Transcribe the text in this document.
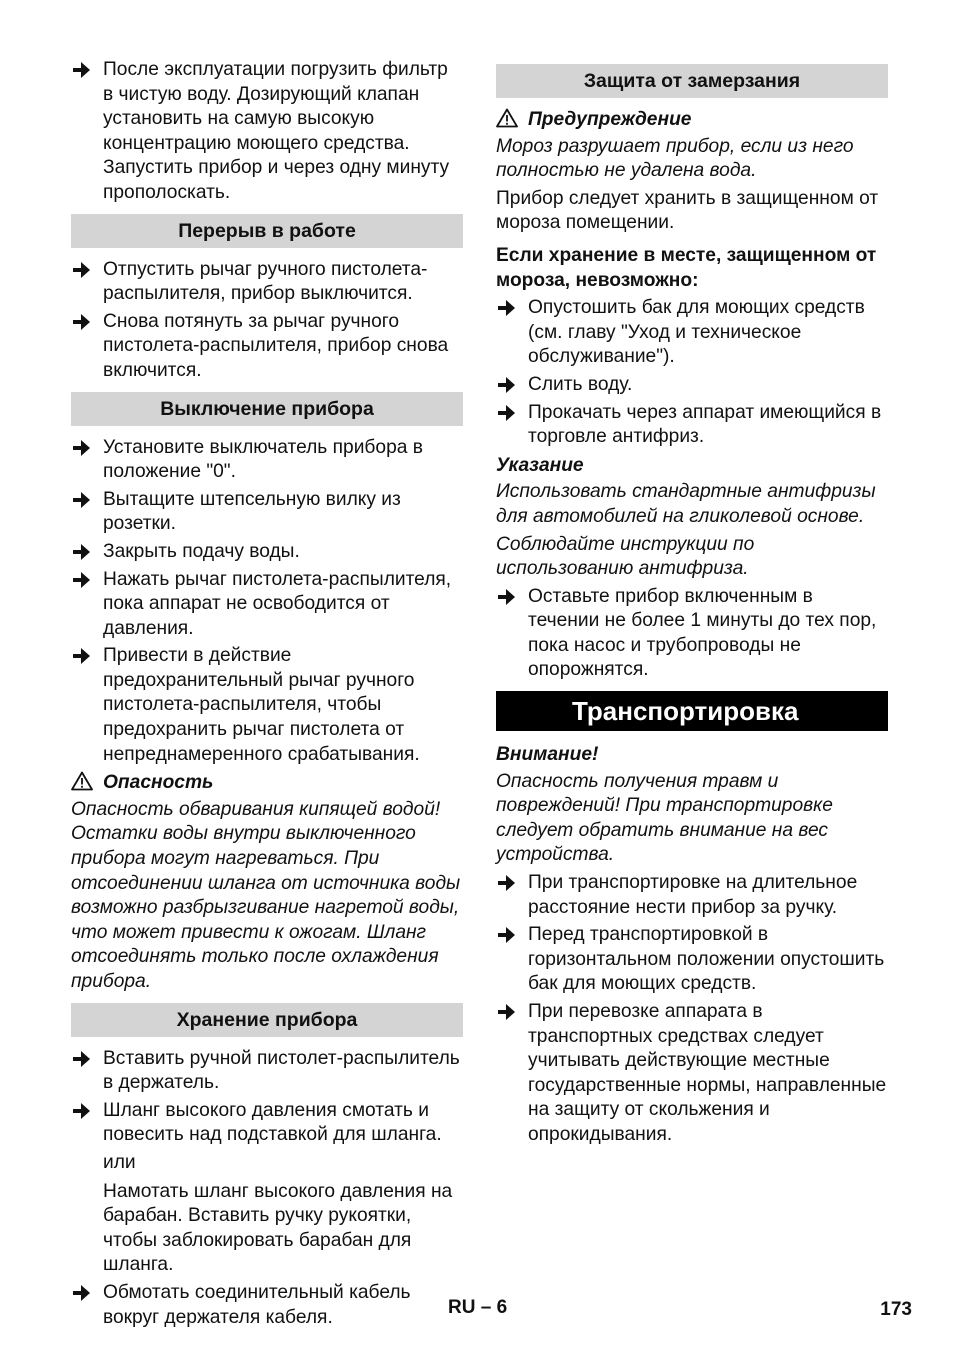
После эксплуатации погрузить фильтр в чистую воду. Дозирующий клапан установить на самую высокую концентрацию моющего средства. Запустить прибор и через одну минуту прополоскать.
Перерыв в работе
Отпустить рычаг ручного пистолета-распылителя, прибор выключится.
Снова потянуть за рычаг ручного пистолета-распылителя, прибор снова включится.
Выключение прибора
Установите выключатель прибора в положение "0".
Вытащите штепсельную вилку из розетки.
Закрыть подачу воды.
Нажать рычаг пистолета-распылителя, пока аппарат не освободится от давления.
Привести в действие предохранительный рычаг ручного пистолета-распылителя, чтобы предохранить рычаг пистолета от непреднамеренного срабатывания.
Опасность
Опасность обваривания кипящей водой! Остатки воды внутри выключенного прибора могут нагреваться. При отсоединении шланга от источника воды возможно разбрызгивание нагретой воды, что может привести к ожогам. Шланг отсоединять только после охлаждения прибора.
Хранение прибора
Вставить ручной пистолет-распылитель в держатель.
Шланг высокого давления смотать и повесить над подставкой для шланга.
или
Намотать шланг высокого давления на барабан. Вставить ручку рукоятки, чтобы заблокировать барабан для шланга.
Обмотать соединительный кабель вокруг держателя кабеля.
Защита от замерзания
Предупреждение
Мороз разрушает прибор, если из него полностью не удалена вода.
Прибор следует хранить в защищенном от мороза помещении.
Если хранение в месте, защищенном от мороза, невозможно:
Опустошить бак для моющих средств (см. главу "Уход и техническое обслуживание").
Слить воду.
Прокачать через аппарат имеющийся в торговле антифриз.
Указание
Использовать стандартные антифризы для автомобилей на гликолевой основе.
Соблюдайте инструкции по использованию антифриза.
Оставьте прибор включенным в течении не более 1 минуты до тех пор, пока насос и трубопроводы не опорожнятся.
Транспортировка
Внимание!
Опасность получения травм и повреждений! При транспортировке следует обратить внимание на вес устройства.
При транспортировке на длительное расстояние нести прибор за ручку.
Перед транспортировкой в горизонтальном положении опустошить бак для моющих средств.
При перевозке аппарата в транспортных средствах следует учитывать действующие местные государственные нормы, направленные на защиту от скольжения и опрокидывания.
RU – 6	173
